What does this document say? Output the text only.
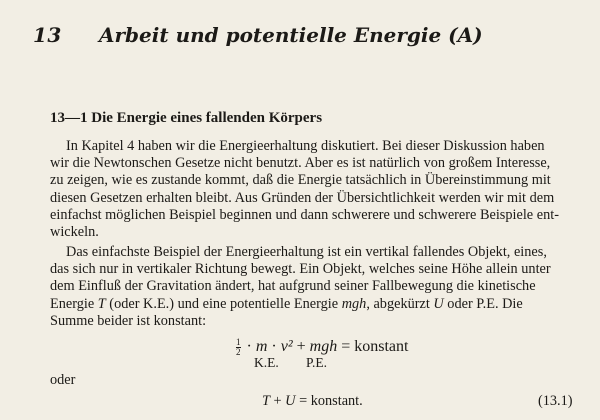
13 Arbeit und potentielle Energie (A)
13—1 Die Energie eines fallenden Körpers

In Kapitel 4 haben wir die Energieerhaltung diskutiert. Bei dieser Diskussion haben
wir die Newtonschen Gesetze nicht benutzt. Aber es ist natürlich von großem Interesse,
zu zeigen, wie es zustande kommt, daß die Energie tatsächlich in Übereinstimmung mit
diesen Gesetzen erhalten bleibt. Aus Gründen der Übersichtlichkeit werden wir mit dem
einfachst möglichen Beispiel beginnen und dann schwerere und schwerere Beispiele ent-
wickeln.

Das einfachste Beispiel der Energieerhaltung ist ein vertikal fallendes Objekt, eines,
das sich nur in vertikaler Richtung bewegt. Ein Objekt, welches seine Höhe allein unter
dem Einfluß der Gravitation ändert, hat aufgrund seiner Fallbewegung die kinetische
Energie T (oder K.E.) und eine potentielle Energie mgh, abgekürzt U oder P.E. Die
Summe beider ist konstant:

$\frac{1}{2} \cdot m \cdot v^2$ + mgh = konstant
K.E. P.E.
oder
T + U = konstant.	(13.1)
